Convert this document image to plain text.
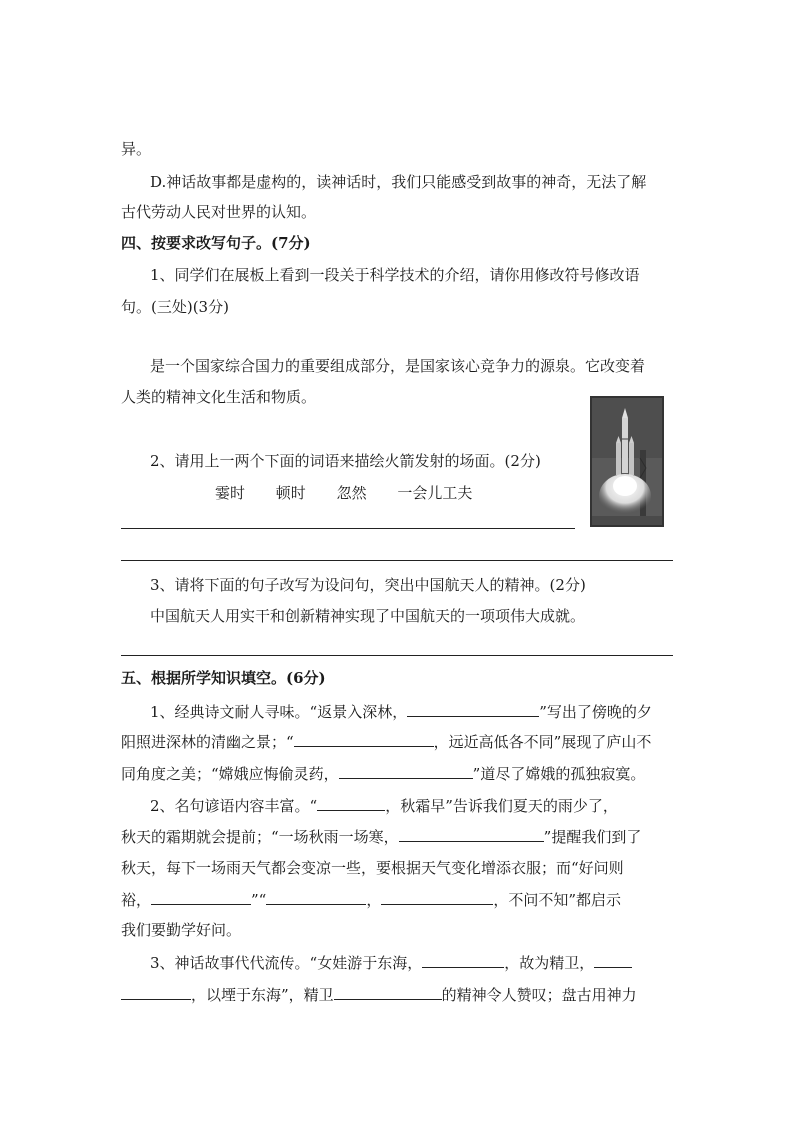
异。
D.神话故事都是虚构的，读神话时，我们只能感受到故事的神奇，无法了解
古代劳动人民对世界的认知。
四、按要求改写句子。(7分)
1、同学们在展板上看到一段关于科学技术的介绍，请你用修改符号修改语
句。(三处)(3分)
是一个国家综合国力的重要组成部分，是国家该心竞争力的源泉。它改变着
人类的精神文化生活和物质。
2、请用上一两个下面的词语来描绘火箭发射的场面。(2分)
霎时 顿时 忽然 一会儿工夫
3、请将下面的句子改写为设问句，突出中国航天人的精神。(2分)
中国航天人用实干和创新精神实现了中国航天的一项项伟大成就。
五、根据所学知识填空。(6分)
1、经典诗文耐人寻味。“返景入深林，	”写出了傍晚的夕
阳照进深林的清幽之景；“	，远近高低各不同”展现了庐山不
同角度之美；“嫦娥应悔偷灵药，	”道尽了嫦娥的孤独寂寞。
2、名句谚语内容丰富。“	，秋霜早”告诉我们夏天的雨少了，
秋天的霜期就会提前；“一场秋雨一场寒，	”提醒我们到了
秋天，每下一场雨天气都会变凉一些，要根据天气变化增添衣服；而“好问则
裕，	”“	，	，不问不知”都启示
我们要勤学好问。
3、神话故事代代流传。“女娃游于东海，	，故为精卫，
，以堙于东海”，精卫	的精神令人赞叹；盘古用神力
